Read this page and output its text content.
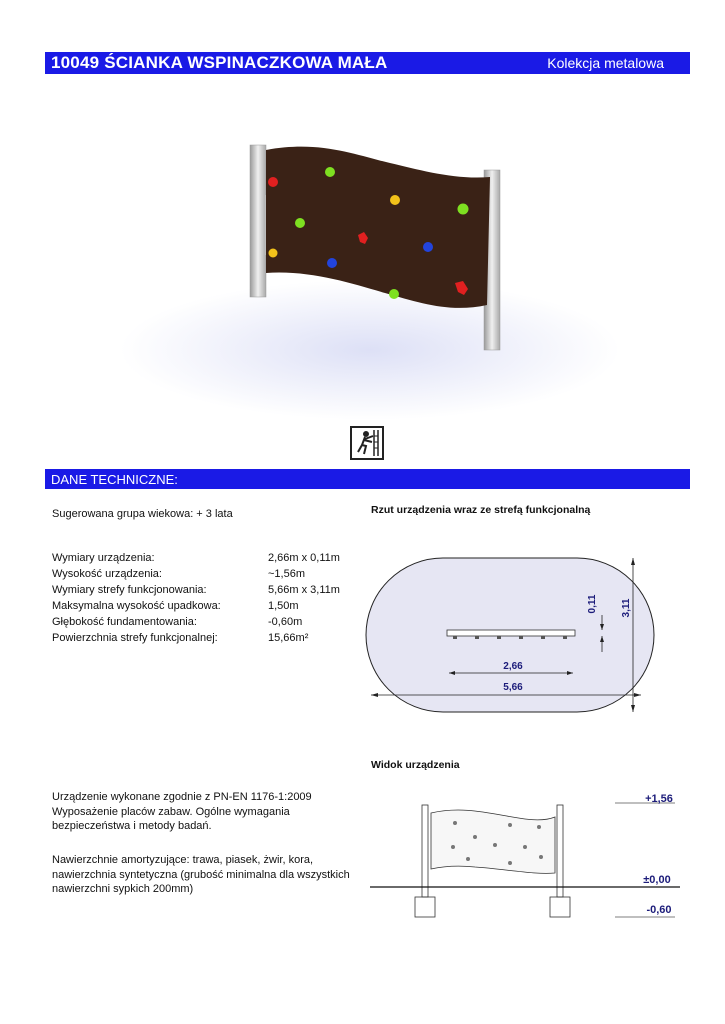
10049 ŚCIANKA WSPINACZKOWA MAŁA	Kolekcja metalowa
DANE TECHNICZNE:
Sugerowana grupa wiekowa: + 3 lata
Wymiary urządzenia:	2,66m x 0,11m
Wysokość urządzenia:	~1,56m
Wymiary strefy funkcjonowania:	5,66m x 3,11m
Maksymalna wysokość upadkowa:	1,50m
Głębokość fundamentowania:	-0,60m
Powierzchnia strefy funkcjonalnej:	15,66m²
Urządzenie wykonane zgodnie z PN-EN 1176-1:2009
Wyposażenie placów zabaw. Ogólne wymagania
bezpieczeństwa i metody badań.
Nawierzchnie amortyzujące: trawa, piasek, żwir, kora,
nawierzchnia syntetyczna (grubość minimalna dla wszystkich
nawierzchni sypkich 200mm)
Rzut urządzenia wraz ze strefą funkcjonalną
Widok urządzenia
2,66
5,66
0,11 3,11
+1,56
±0,00
-0,60
